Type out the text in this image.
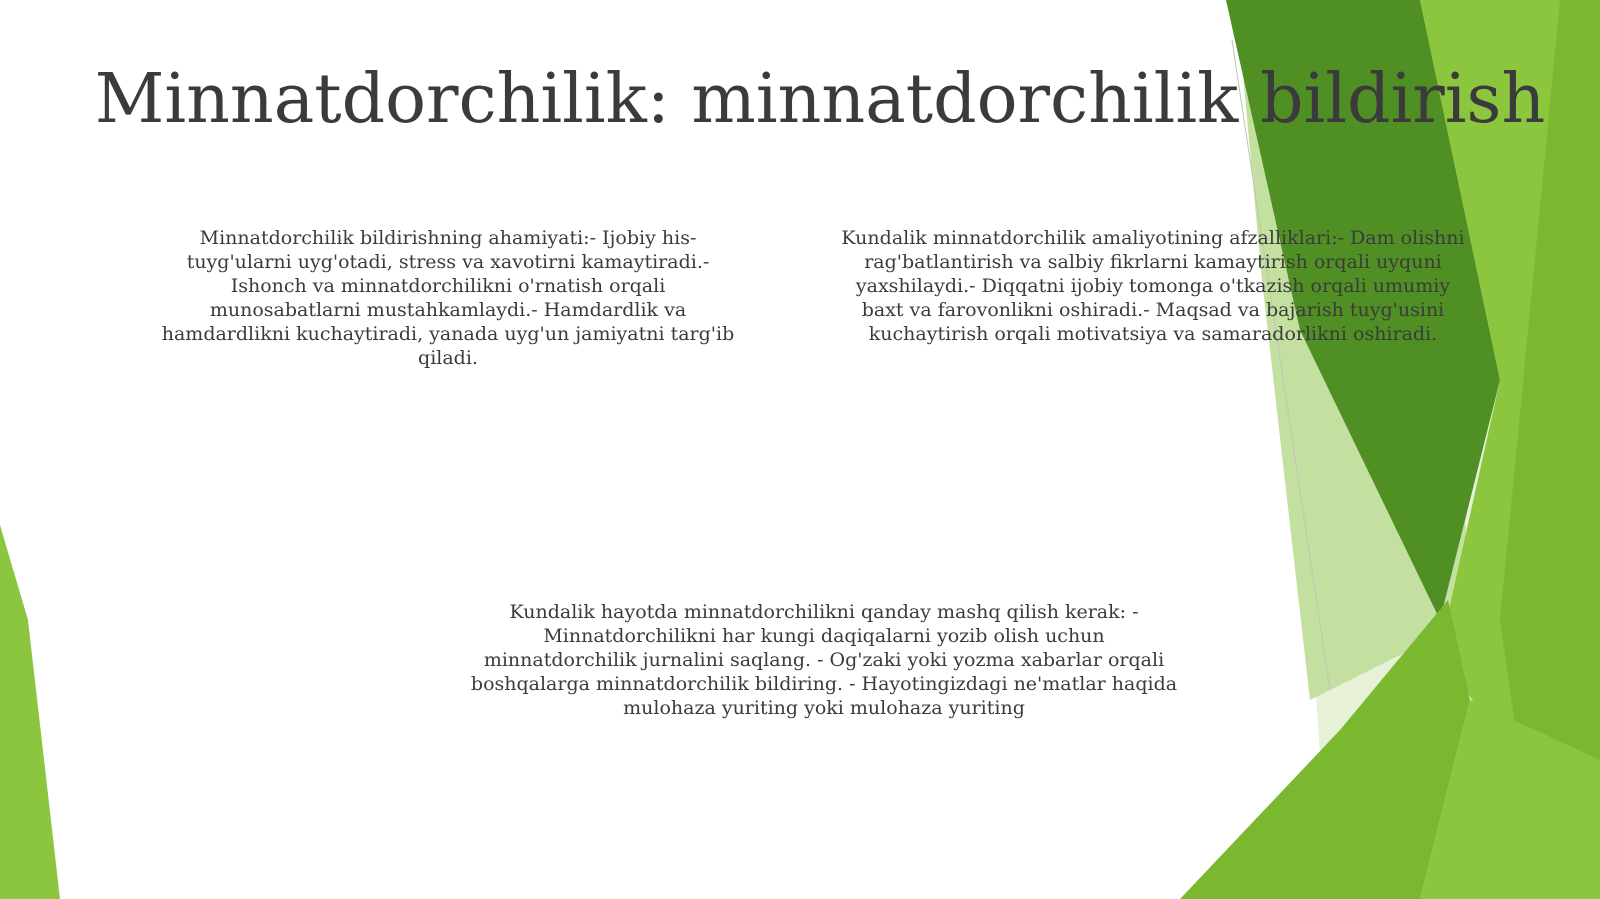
Minnatdorchilik: minnatdorchilik bildirish

Minnatdorchilik bildirishning ahamiyati:- Ijobiy his-tuyg'ularni uyg'otadi, stress va xavotirni kamaytiradi.- Ishonch va minnatdorchilikni o'rnatish orqali munosabatlarni mustahkamlaydi.- Hamdardlik va hamdardlikni kuchaytiradi, yanada uyg'un jamiyatni targ'ib qiladi.

Kundalik minnatdorchilik amaliyotining afzalliklari:- Dam olishni rag'batlantirish va salbiy fikrlarni kamaytirish orqali uyquni yaxshilaydi.- Diqqatni ijobiy tomonga o'tkazish orqali umumiy baxt va farovonlikni oshiradi.- Maqsad va bajarish tuyg'usini kuchaytirish orqali motivatsiya va samaradorlikni oshiradi.

Kundalik hayotda minnatdorchilikni qanday mashq qilish kerak: - Minnatdorchilikni har kungi daqiqalarni yozib olish uchun minnatdorchilik jurnalini saqlang. - Og'zaki yoki yozma xabarlar orqali boshqalarga minnatdorchilik bildiring. - Hayotingizdagi ne'matlar haqida mulohaza yuriting yoki mulohaza yuriting
